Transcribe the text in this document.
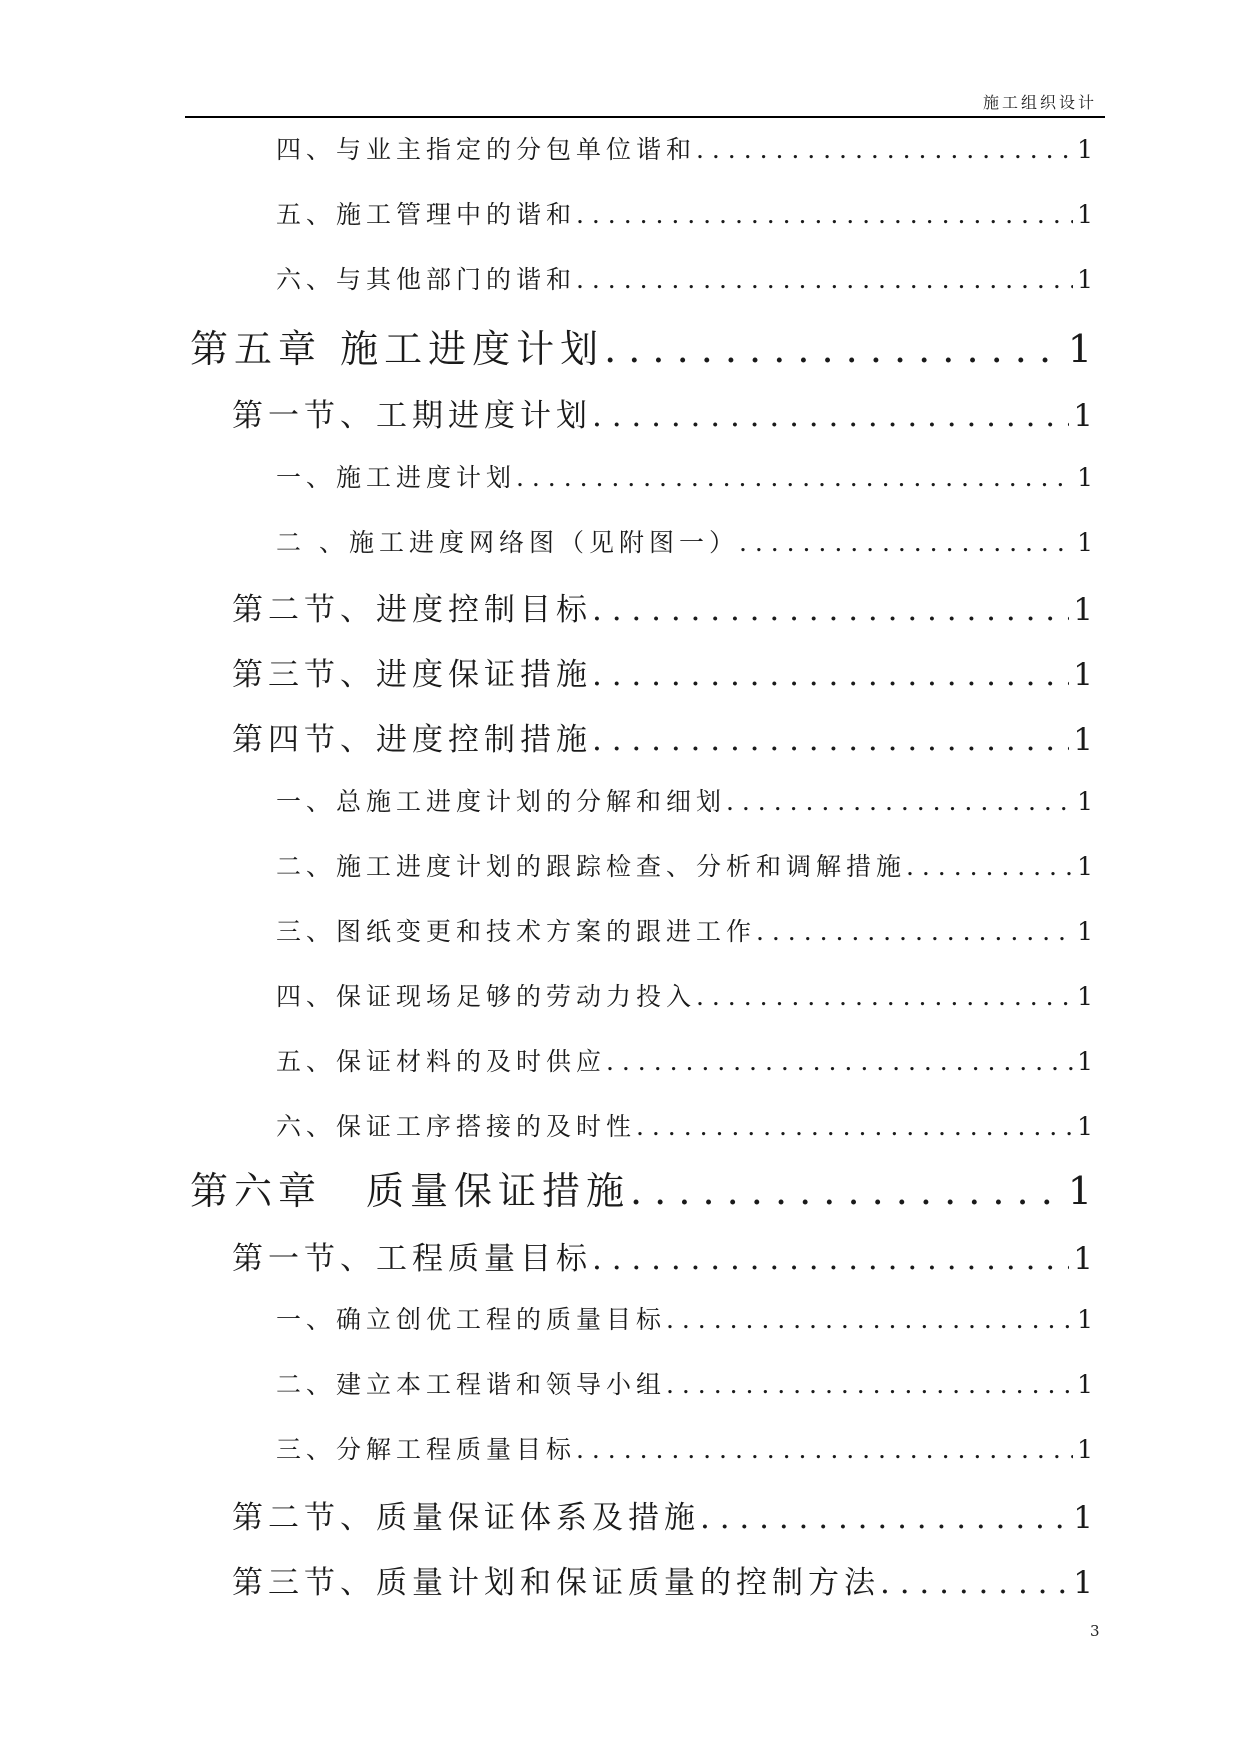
施工组织设计
四、与业主指定的分包单位谐和 . . .	1
五、施工管理中的谐和 . . .	1
六、与其他部门的谐和 . . .	1
第五章 施工进度计划 . . .	1
第一节、工期进度计划 . . .	1
一、施工进度计划 . . .	1
二 、施工进度网络图（见附图一） . . .	1
第二节、进度控制目标 . . .	1
第三节、进度保证措施 . . .	1
第四节、进度控制措施 . . .	1
一、总施工进度计划的分解和细划 . . .	1
二、施工进度计划的跟踪检查、分析和调解措施 . . .	1
三、图纸变更和技术方案的跟进工作 . . .	1
四、保证现场足够的劳动力投入 . . .	1
五、保证材料的及时供应 . . .	1
六、保证工序搭接的及时性 . . .	1
第六章　质量保证措施 . . .	1
第一节、工程质量目标 . . .	1
一、确立创优工程的质量目标 . . .	1
二、建立本工程谐和领导小组 . . .	1
三、分解工程质量目标 . . .	1
第二节、质量保证体系及措施 . . .	1
第三节、质量计划和保证质量的控制方法 . . .	1
3
